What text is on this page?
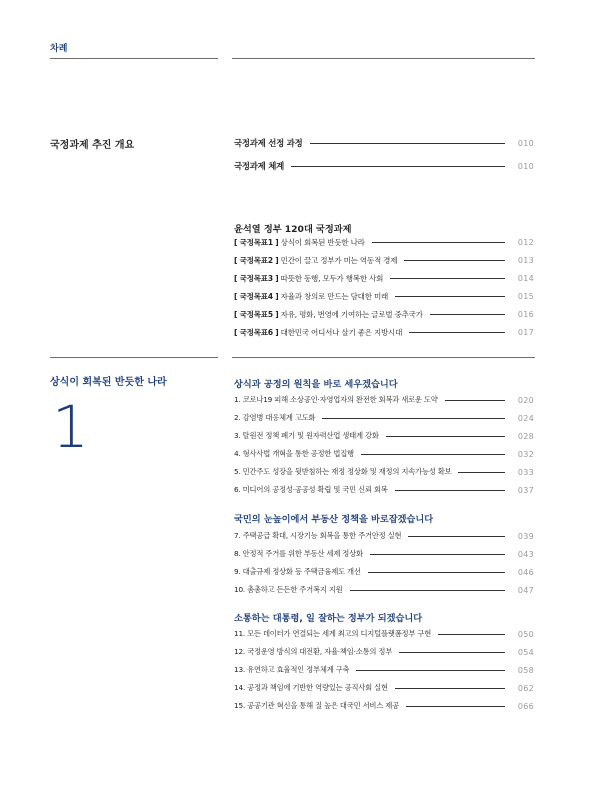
차례
국정과제 추진 개요	국정과제 선정 과정	010
국정과제 체계	010
윤석열 정부 120대 국정과제
[ 국정목표1 ] 상식이 회복된 반듯한 나라	012
[ 국정목표2 ] 민간이 끌고 정부가 미는 역동적 경제	013
[ 국정목표3 ] 따뜻한 동행, 모두가 행복한 사회	014
[ 국정목표4 ] 자율과 창의로 만드는 담대한 미래	015
[ 국정목표5 ] 자유, 평화, 번영에 기여하는 글로벌 중추국가	016
[ 국정목표6 ] 대한민국 어디서나 살기 좋은 지방시대	017
상식이 회복된 반듯한 나라
1
상식과 공정의 원칙을 바로 세우겠습니다
1. 코로나19 피해 소상공인·자영업자의 완전한 회복과 새로운 도약	020
2. 감염병 대응체계 고도화	024
3. 탈원전 정책 폐기 및 원자력산업 생태계 강화	028
4. 형사사법 개혁을 통한 공정한 법집행	032
5. 민간주도 성장을 뒷받침하는 재정 정상화 및 재정의 지속가능성 확보	033
6. 미디어의 공정성·공공성 확립 및 국민 신뢰 회복	037
국민의 눈높이에서 부동산 정책을 바로잡겠습니다
7. 주택공급 확대, 시장기능 회복을 통한 주거안정 실현	039
8. 안정적 주거를 위한 부동산 세제 정상화	043
9. 대출규제 정상화 등 주택금융제도 개선	046
10. 촘촘하고 든든한 주거복지 지원	047
소통하는 대통령, 일 잘하는 정부가 되겠습니다
11. 모든 데이터가 연결되는 세계 최고의 디지털플랫폼정부 구현	050
12. 국정운영 방식의 대전환, 자율·책임·소통의 정부	054
13. 유연하고 효율적인 정부체계 구축	058
14. 공정과 책임에 기반한 역량있는 공직사회 실현	062
15. 공공기관 혁신을 통해 질 높은 대국민 서비스 제공	066
